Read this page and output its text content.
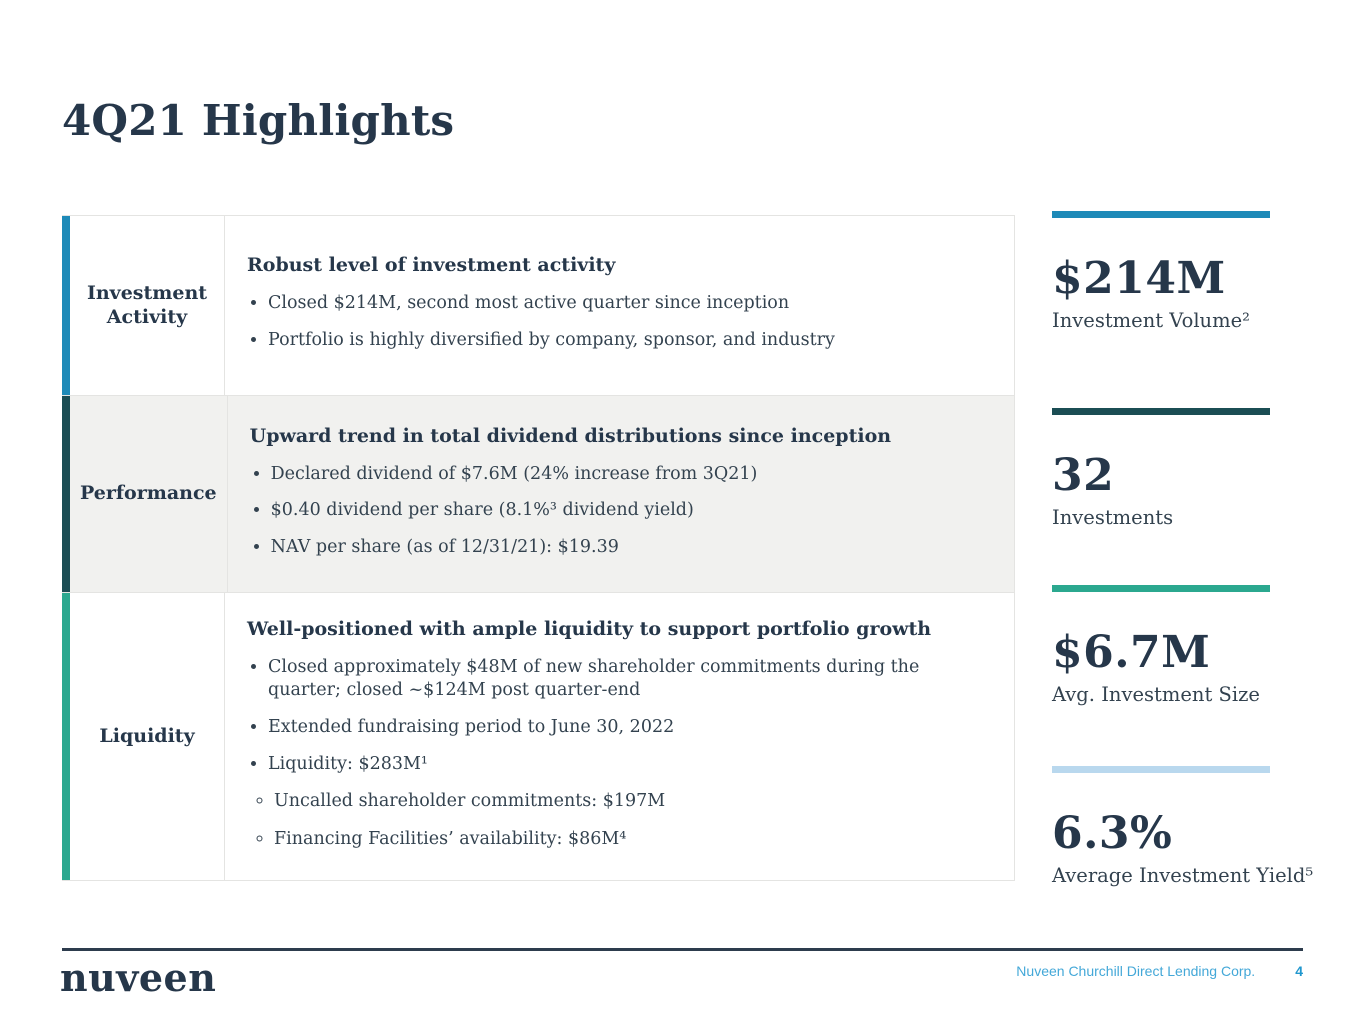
4Q21 Highlights
Investment Activity
Robust level of investment activity
• Closed $214M, second most active quarter since inception
• Portfolio is highly diversified by company, sponsor, and industry
Performance
Upward trend in total dividend distributions since inception
• Declared dividend of $7.6M (24% increase from 3Q21)
• $0.40 dividend per share (8.1%³ dividend yield)
• NAV per share (as of 12/31/21): $19.39
Liquidity
Well-positioned with ample liquidity to support portfolio growth
• Closed approximately $48M of new shareholder commitments during the quarter; closed ~$124M post quarter-end
• Extended fundraising period to June 30, 2022
• Liquidity: $283M¹
◦ Uncalled shareholder commitments: $197M
◦ Financing Facilities’ availability: $86M⁴
$214M
Investment Volume²
32
Investments
$6.7M
Avg. Investment Size
6.3%
Average Investment Yield⁵
nuveen	Nuveen Churchill Direct Lending Corp.	4
